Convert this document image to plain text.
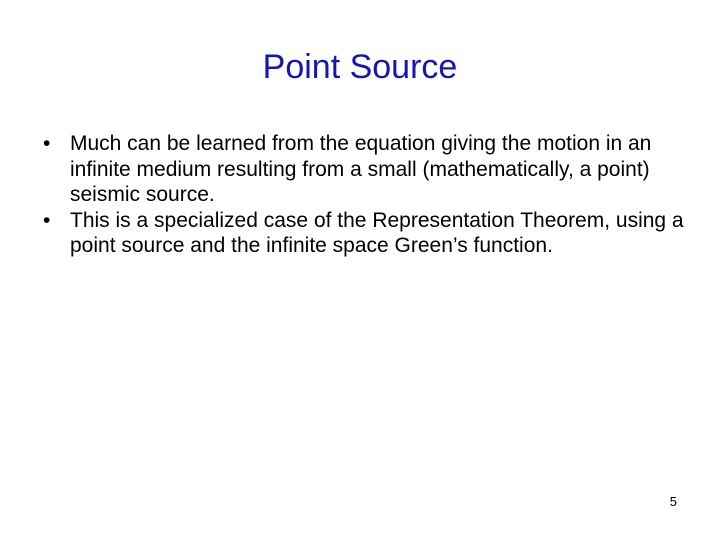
Point Source
• Much can be learned from the equation giving the motion in an infinite medium resulting from a small (mathematically, a point) seismic source.
• This is a specialized case of the Representation Theorem, using a point source and the infinite space Green’s function.
5
